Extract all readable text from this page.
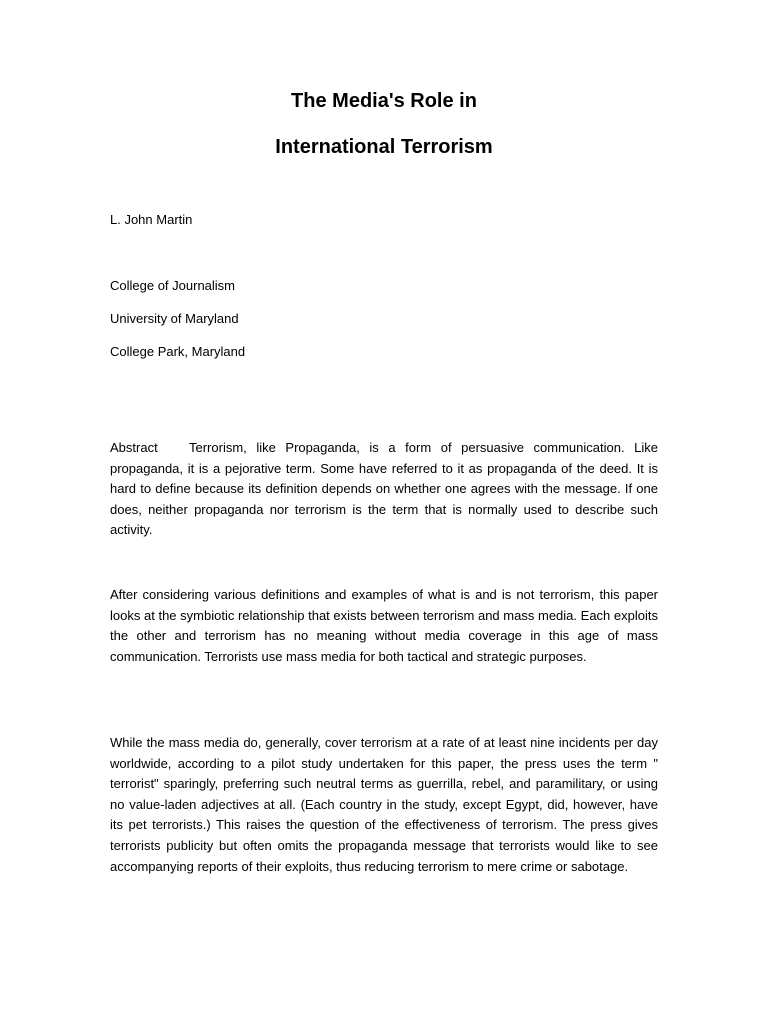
The Media's Role in
International Terrorism

L. John Martin

College of Journalism

University of Maryland

College Park, Maryland

Abstract Terrorism, like Propaganda, is a form of persuasive communication. Like propaganda, it is a pejorative term. Some have referred to it as propaganda of the deed. It is hard to define because its definition depends on whether one agrees with the message. If one does, neither propaganda nor terrorism is the term that is normally used to describe such activity.

After considering various definitions and examples of what is and is not terrorism, this paper looks at the symbiotic relationship that exists between terrorism and mass media. Each exploits the other and terrorism has no meaning without media coverage in this age of mass communication. Terrorists use mass media for both tactical and strategic purposes.

While the mass media do, generally, cover terrorism at a rate of at least nine incidents per day worldwide, according to a pilot study undertaken for this paper, the press uses the term " terrorist" sparingly, preferring such neutral terms as guerrilla, rebel, and paramilitary, or using no value-laden adjectives at all. (Each country in the study, except Egypt, did, however, have its pet terrorists.) This raises the question of the effectiveness of terrorism. The press gives terrorists publicity but often omits the propaganda message that terrorists would like to see accompanying reports of their exploits, thus reducing terrorism to mere crime or sabotage.
